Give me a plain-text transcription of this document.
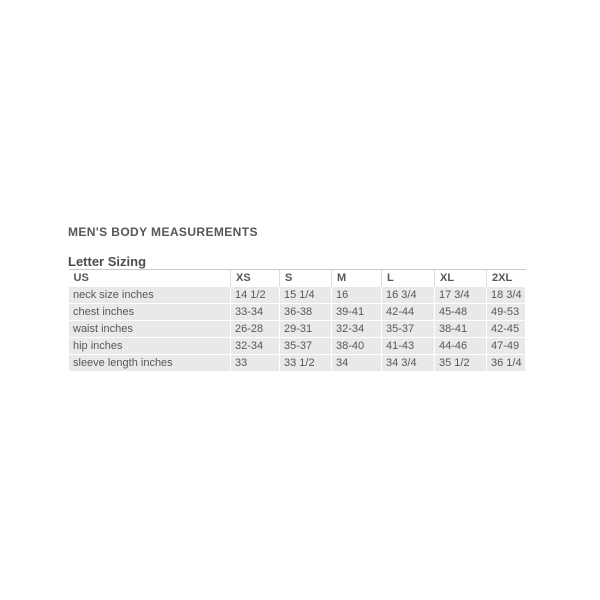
MEN'S BODY MEASUREMENTS
Letter Sizing
US	XS	S	M	L	XL	2XL
neck size inches	14 1/2	15 1/4	16	16 3/4	17 3/4	18 3/4
chest inches	33-34	36-38	39-41	42-44	45-48	49-53
waist inches	26-28	29-31	32-34	35-37	38-41	42-45
hip inches	32-34	35-37	38-40	41-43	44-46	47-49
sleeve length inches	33	33 1/2	34	34 3/4	35 1/2	36 1/4
